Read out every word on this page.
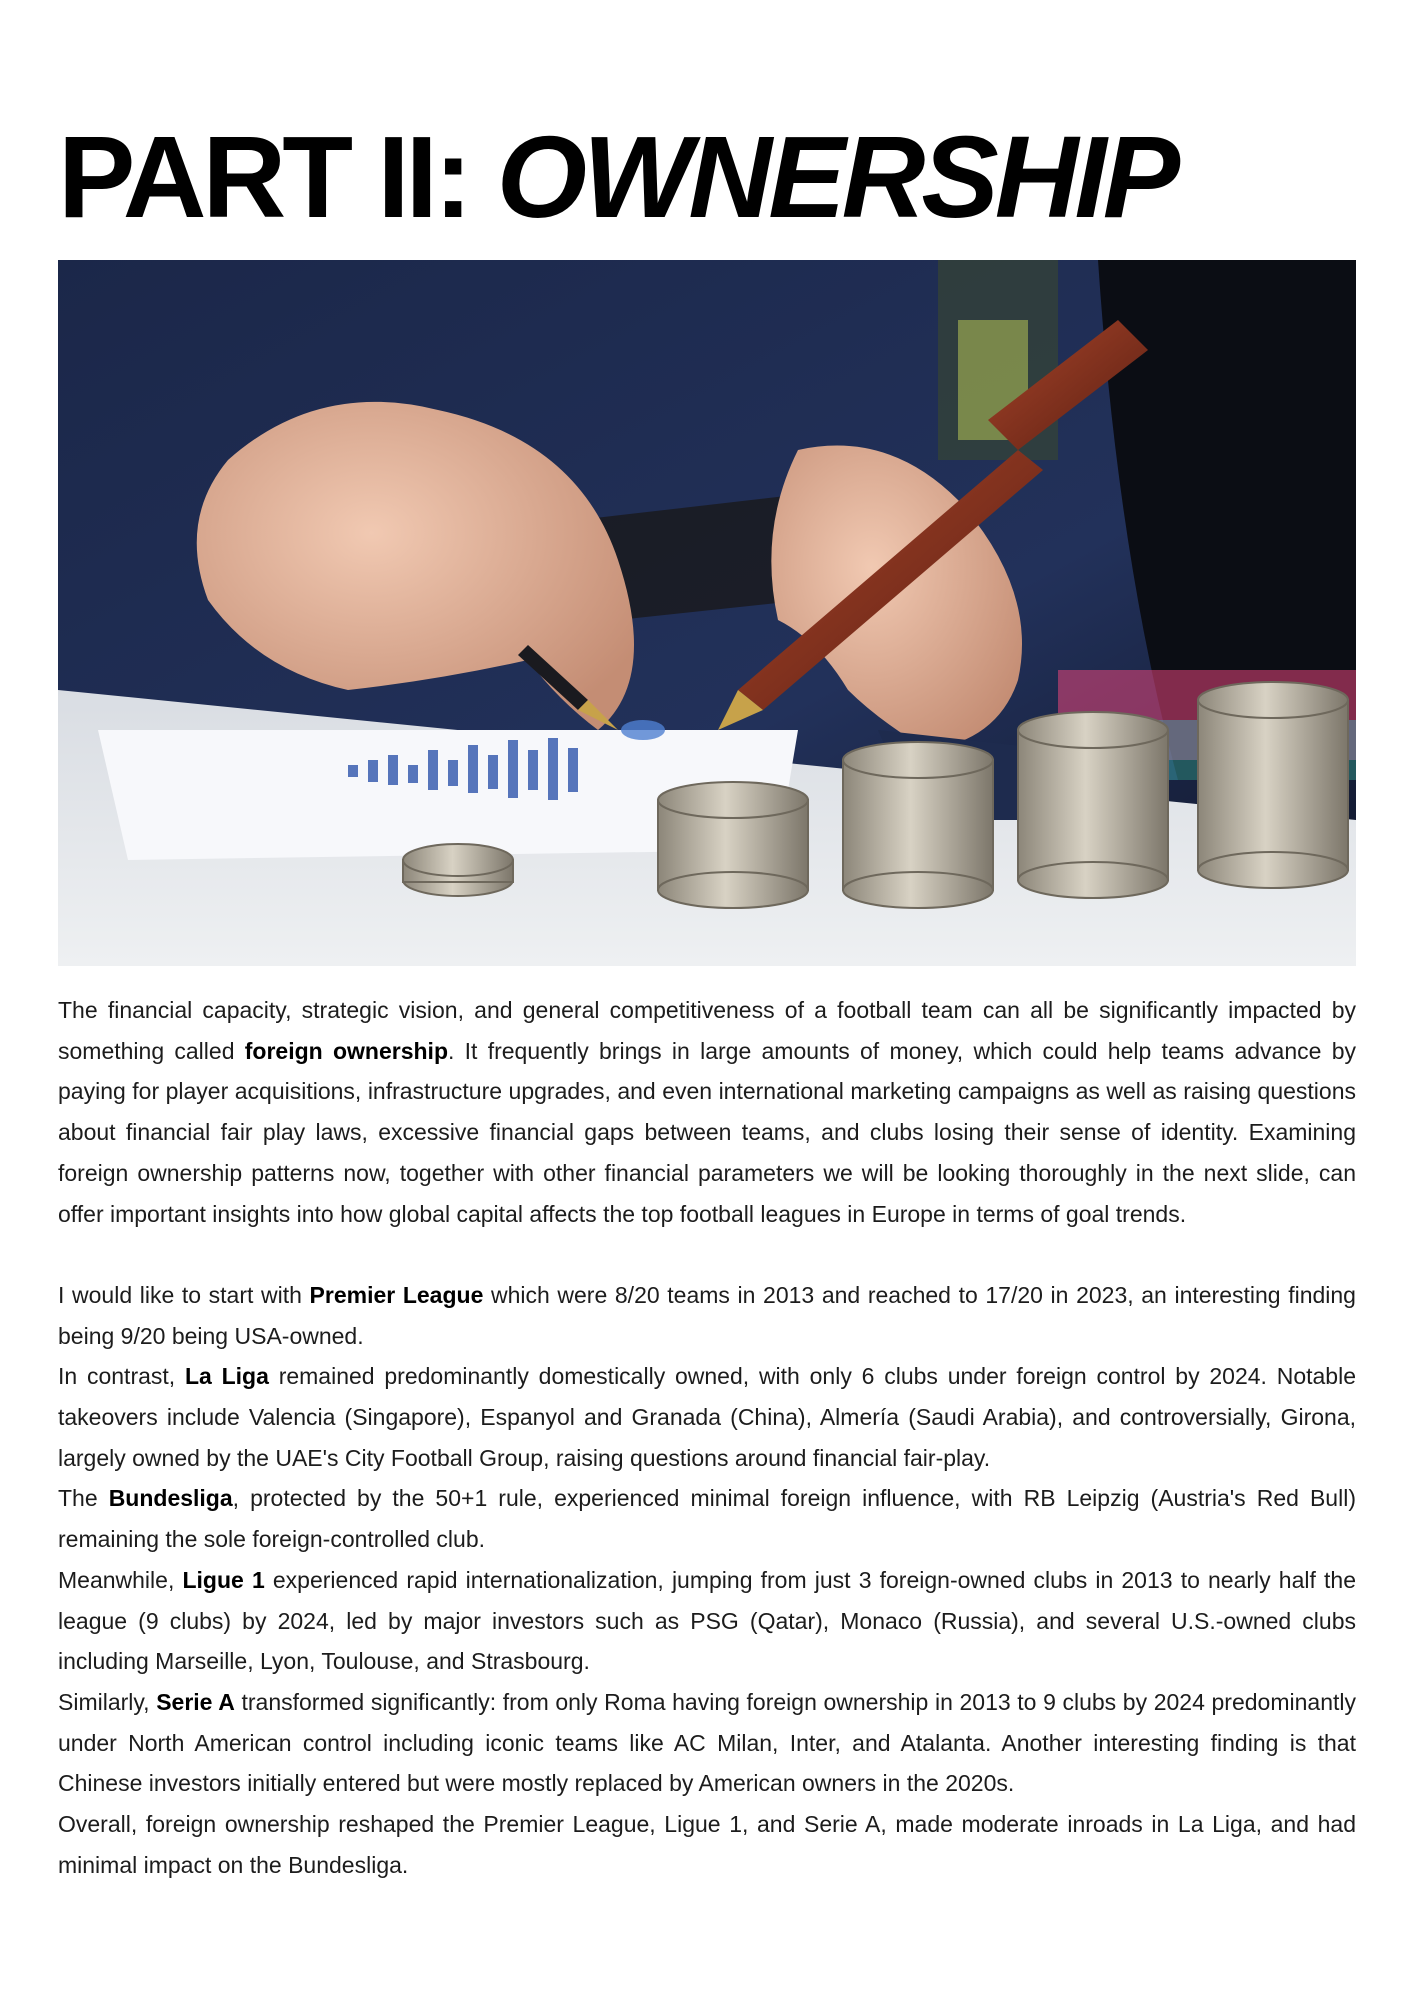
PART II: OWNERSHIP

The financial capacity, strategic vision, and general competitiveness of a football team can all be significantly impacted by something called foreign ownership. It frequently brings in large amounts of money, which could help teams advance by paying for player acquisitions, infrastructure upgrades, and even international marketing campaigns as well as raising questions about financial fair play laws, excessive financial gaps between teams, and clubs losing their sense of identity. Examining foreign ownership patterns now, together with other financial parameters we will be looking thoroughly in the next slide, can offer important insights into how global capital affects the top football leagues in Europe in terms of goal trends.

I would like to start with Premier League which were 8/20 teams in 2013 and reached to 17/20 in 2023, an interesting finding being 9/20 being USA-owned.

In contrast, La Liga remained predominantly domestically owned, with only 6 clubs under foreign control by 2024. Notable takeovers include Valencia (Singapore), Espanyol and Granada (China), Almería (Saudi Arabia), and controversially, Girona, largely owned by the UAE's City Football Group, raising questions around financial fair-play.

The Bundesliga, protected by the 50+1 rule, experienced minimal foreign influence, with RB Leipzig (Austria's Red Bull) remaining the sole foreign-controlled club.

Meanwhile, Ligue 1 experienced rapid internationalization, jumping from just 3 foreign-owned clubs in 2013 to nearly half the league (9 clubs) by 2024, led by major investors such as PSG (Qatar), Monaco (Russia), and several U.S.-owned clubs including Marseille, Lyon, Toulouse, and Strasbourg.

Similarly, Serie A transformed significantly: from only Roma having foreign ownership in 2013 to 9 clubs by 2024 predominantly under North American control including iconic teams like AC Milan, Inter, and Atalanta. Another interesting finding is that Chinese investors initially entered but were mostly replaced by American owners in the 2020s.

Overall, foreign ownership reshaped the Premier League, Ligue 1, and Serie A, made moderate inroads in La Liga, and had minimal impact on the Bundesliga.
